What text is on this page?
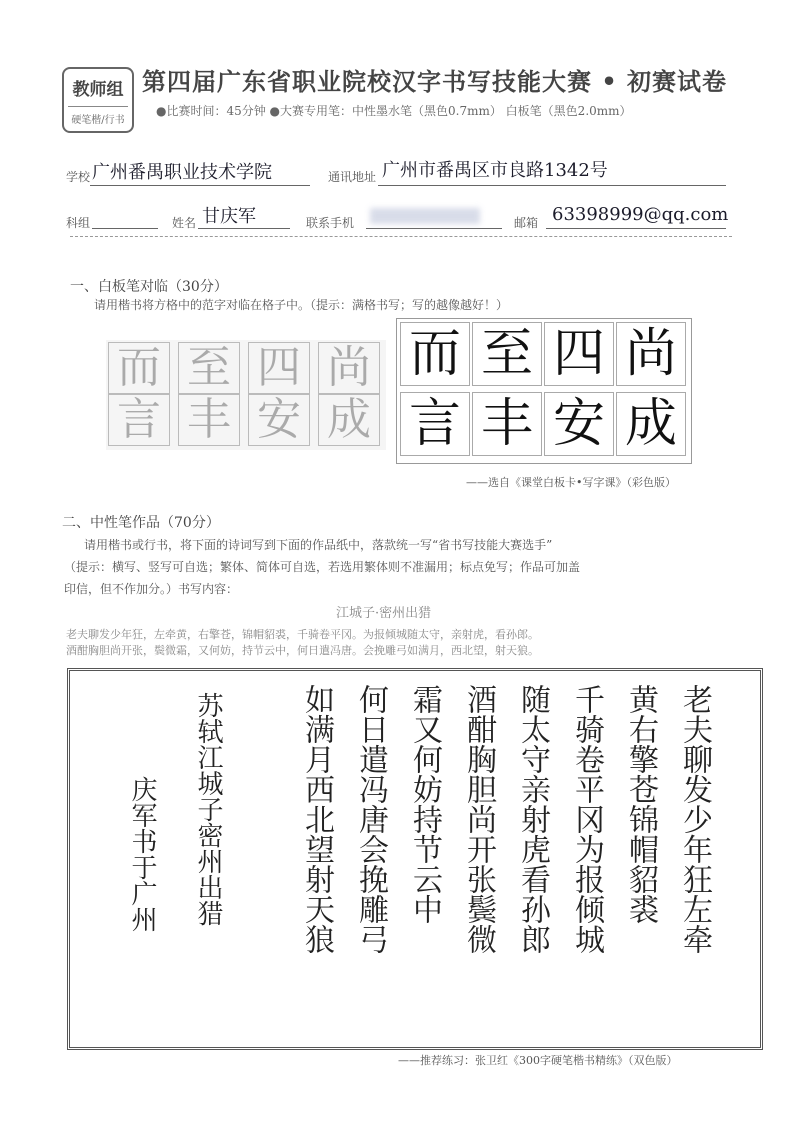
教师组
硬笔楷/行书
第四届广东省职业院校汉字书写技能大赛 • 初赛试卷
●比赛时间：45分钟 ●大赛专用笔：中性墨水笔（黑色0.7mm） 白板笔（黑色2.0mm）
学校 广州番禺职业技术学院	通讯地址 广州市番禺区市良路1342号
科组	姓名 甘庆军	联系手机	邮箱 63398999@qq.com
一、白板笔对临（30分）
请用楷书将方格中的范字对临在格子中。（提示：满格书写；写的越像越好！）
而 至 四 尚
言 丰 安 成
而 至 四 尚
言 丰 安 成
——选自《课堂白板卡•写字课》（彩色版）
二、中性笔作品（70分）
请用楷书或行书，将下面的诗词写到下面的作品纸中，落款统一写“省书写技能大赛选手”
（提示：横写、竖写可自选；繁体、简体可自选，若选用繁体则不准漏用；标点免写；作品可加盖
印信，但不作加分。）书写内容：
江城子·密州出猎
老夫聊发少年狂，左牵黄，右擎苍，锦帽貂裘，千骑卷平冈。为报倾城随太守，亲射虎，看孙郎。
酒酣胸胆尚开张，鬓微霜，又何妨，持节云中，何日遣冯唐。会挽雕弓如满月，西北望，射天狼。
老夫聊发少年狂左牵
黄右擎苍锦帽貂裘
千骑卷平冈为报倾城
随太守亲射虎看孙郎
酒酣胸胆尚开张鬓微
霜又何妨持节云中
何日遣冯唐会挽雕弓
如满月西北望射天狼
苏轼江城子密州出猎
庆军书于广州
——推荐练习：张卫红《300字硬笔楷书精练》（双色版）
